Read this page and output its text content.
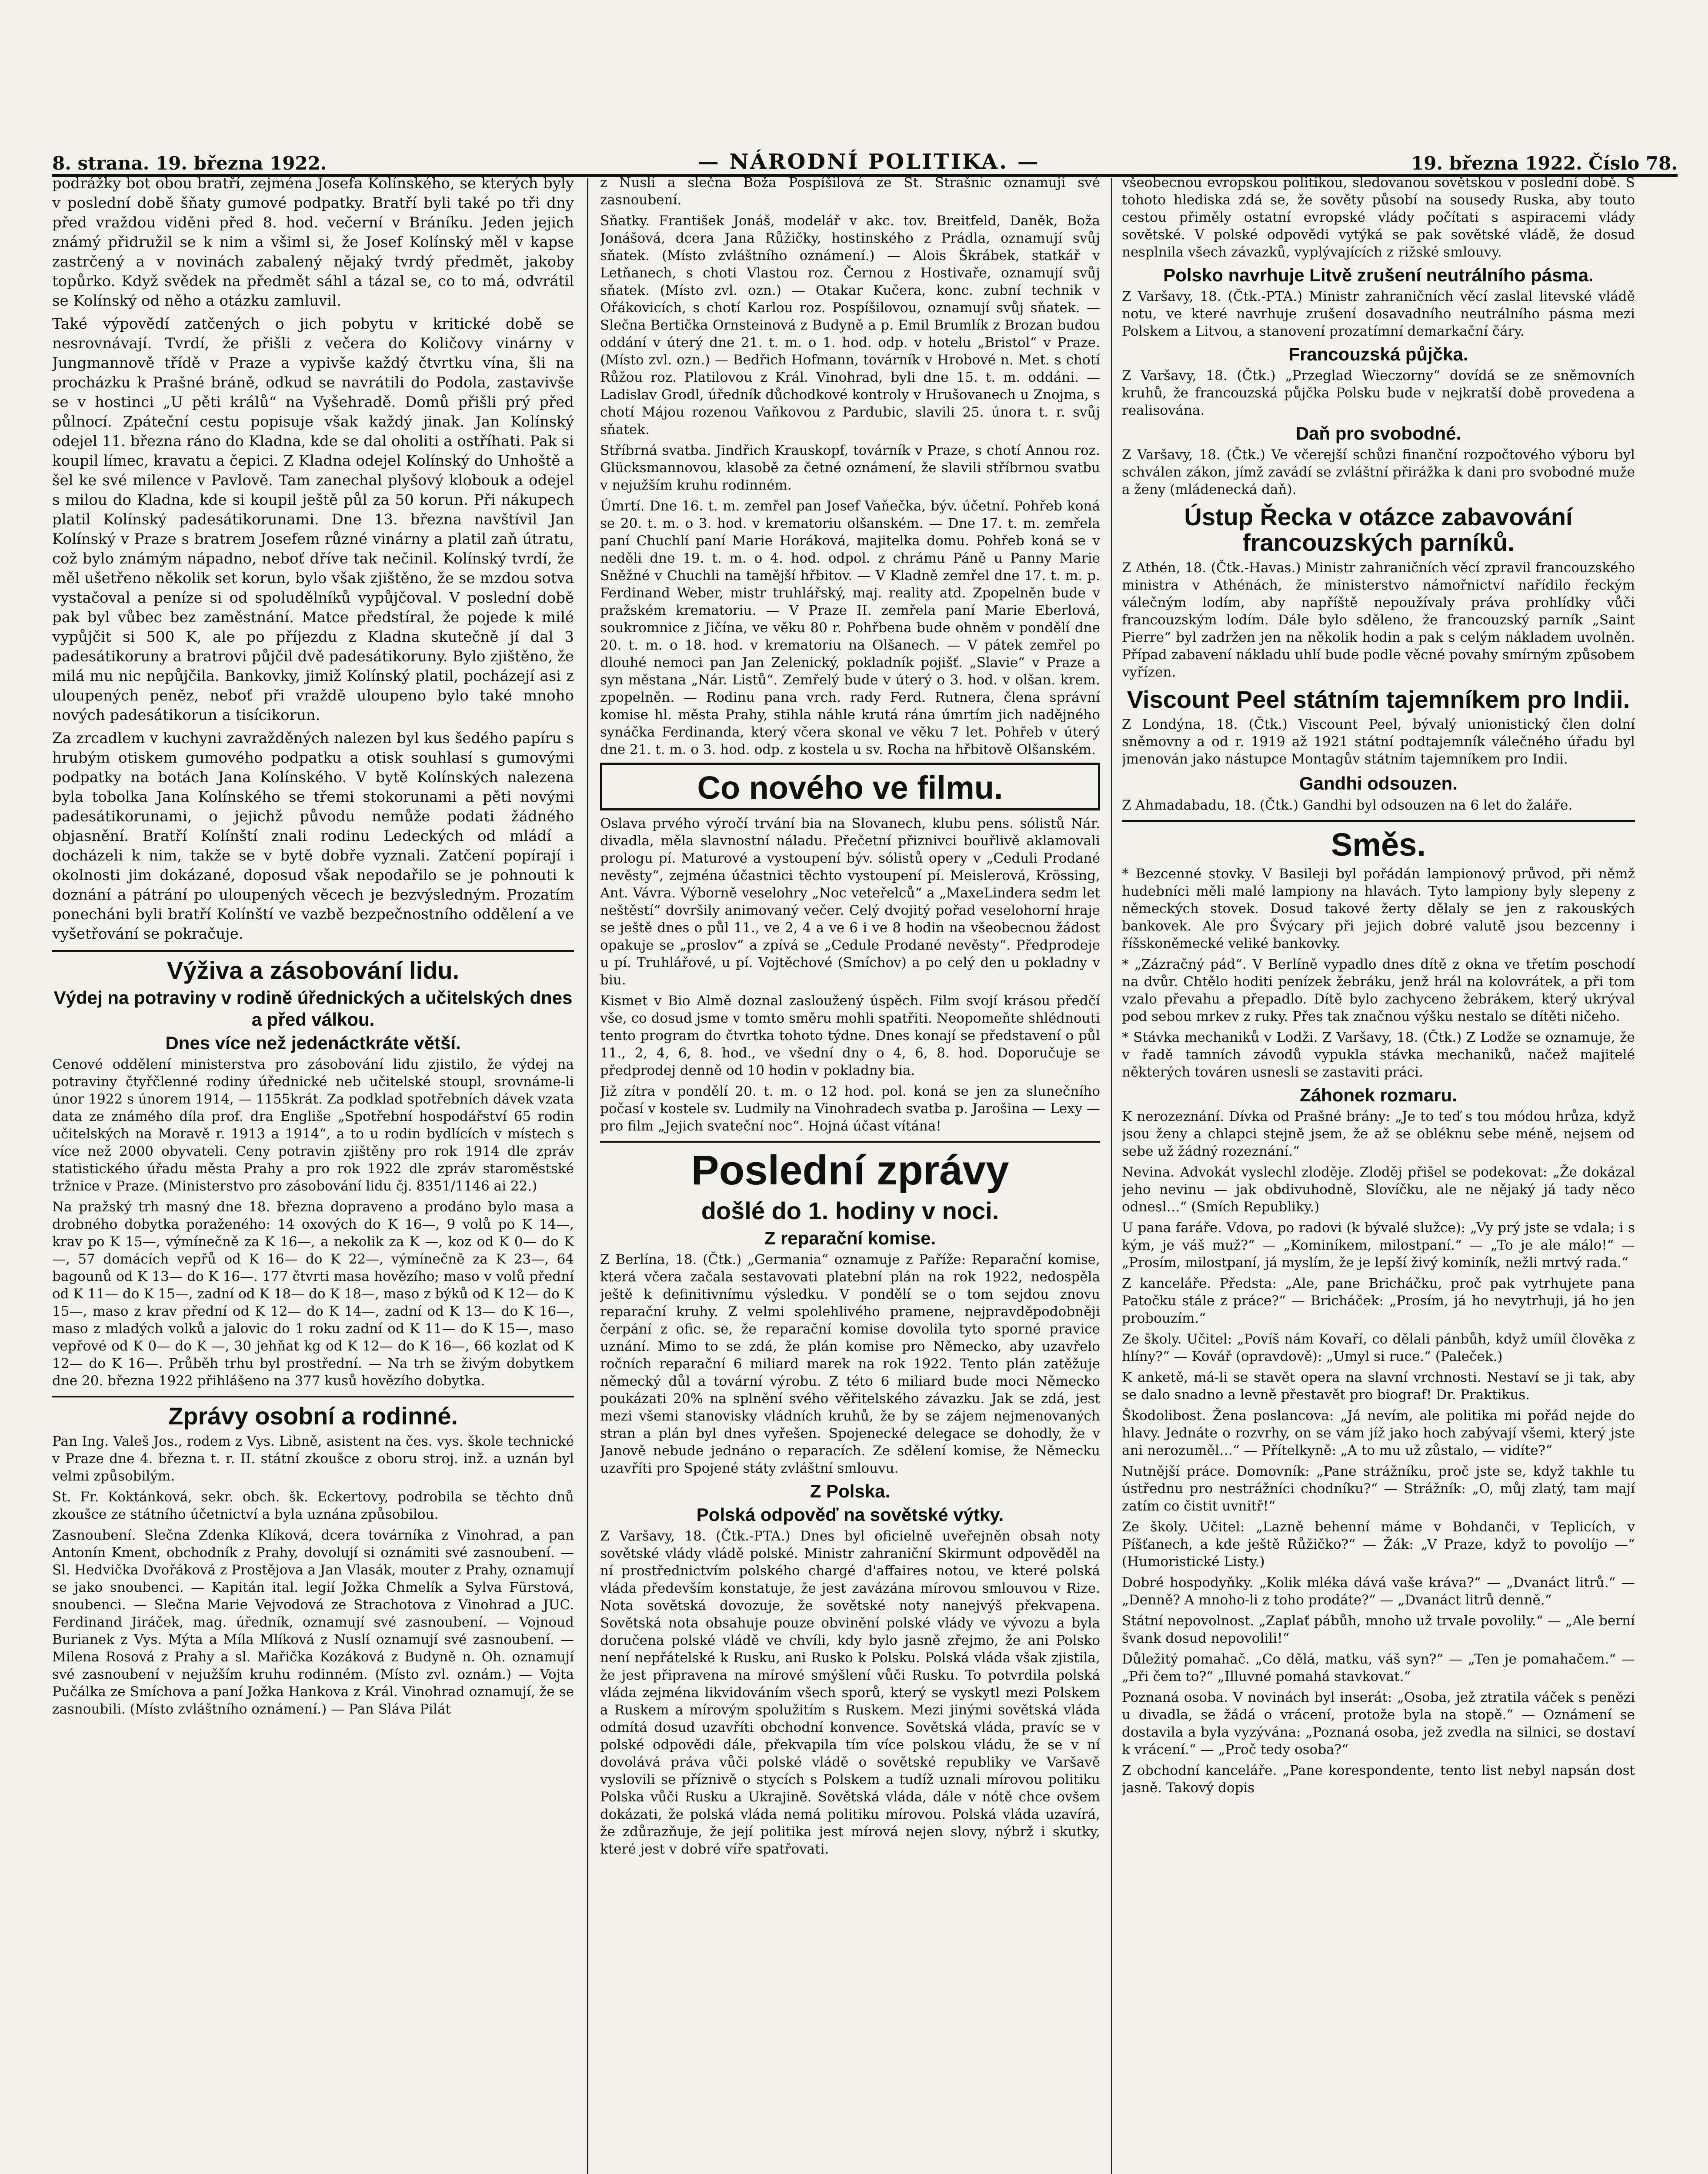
8. strana. 19. března 1922.	— NÁRODNÍ POLITIKA. —	19. března 1922. Číslo 78.

podrážky bot obou bratří, zejména Josefa Kolínského, se kterých byly v poslední době šňaty gumové podpatky. Bratří byli také po tři dny před vraždou viděni před 8. hod. večerní v Bráníku. Jeden jejich známý přidružil se k nim a všiml si, že Josef Kolínský měl v kapse zastrčený a v novinách zabalený nějaký tvrdý předmět, jakoby topůrko. Když svědek na předmět sáhl a tázal se, co to má, odvrátil se Kolínský od něho a otázku zamluvil.

Také výpovědí zatčených o jich pobytu v kritické době se nesrovnávají. Tvrdí, že přišli z večera do Količovy vinárny v Jungmannově třídě v Praze a vypivše každý čtvrtku vína, šli na procházku k Prašné bráně, odkud se navrátili do Podola, zastavivše se v hostinci „U pěti králů“ na Vyšehradě. Domů přišli prý před půlnocí. Zpáteční cestu popisuje však každý jinak. Jan Kolínský odejel 11. března ráno do Kladna, kde se dal oholiti a ostříhati. Pak si koupil límec, kravatu a čepici. Z Kladna odejel Kolínský do Unhoště a šel ke své milence v Pavlově. Tam zanechal plyšový klobouk a odejel s milou do Kladna, kde si koupil ještě půl za 50 korun. Při nákupech platil Kolínský padesátikorunami. Dne 13. března navštívil Jan Kolínský v Praze s bratrem Josefem různé vinárny a platil zaň útratu, což bylo známým nápadno, neboť dříve tak nečinil. Kolínský tvrdí, že měl ušetřeno několik set korun, bylo však zjištěno, že se mzdou sotva vystačoval a peníze si od spoludělníků vypůjčoval. V poslední době pak byl vůbec bez zaměstnání. Matce předstíral, že pojede k milé vypůjčit si 500 K, ale po příjezdu z Kladna skutečně jí dal 3 padesátikoruny a bratrovi půjčil dvě padesátikoruny. Bylo zjištěno, že milá mu nic nepůjčila. Bankovky, jimiž Kolínský platil, pocházejí asi z uloupených peněz, neboť při vraždě uloupeno bylo také mnoho nových padesátikorun a tisícikorun.

Za zrcadlem v kuchyni zavražděných nalezen byl kus šedého papíru s hrubým otiskem gumového podpatku a otisk souhlasí s gumovými podpatky na botách Jana Kolínského. V bytě Kolínských nalezena byla tobolka Jana Kolínského se třemi stokorunami a pěti novými padesátikorunami, o jejichž původu nemůže podati žádného objasnění. Bratří Kolínští znali rodinu Ledeckých od mládí a docházeli k nim, takže se v bytě dobře vyznali. Zatčení popírají i okolnosti jim dokázané, doposud však nepodařilo se je pohnouti k doznání a pátrání po uloupených věcech je bezvýsledným. Prozatím ponecháni byli bratří Kolínští ve vazbě bezpečnostního oddělení a ve vyšetřování se pokračuje.

Výživa a zásobování lidu.
Výdej na potraviny v rodině úřednických a učitelských dnes a před válkou.
Dnes více než jedenáctkráte větší.

Cenové oddělení ministerstva pro zásobování lidu zjistilo, že výdej na potraviny čtyřčlenné rodiny úřednické neb učitelské stoupl, srovnáme-li únor 1922 s únorem 1914, — 1155krát. Za podklad spotřebních dávek vzata data ze známého díla prof. dra Engliše „Spotřební hospodářství 65 rodin učitelských na Moravě r. 1913 a 1914“, a to u rodin bydlících v místech s více než 2000 obyvateli. Ceny potravin zjištěny pro rok 1914 dle zpráv statistického úřadu města Prahy a pro rok 1922 dle zpráv staroměstské tržnice v Praze. (Ministerstvo pro zásobování lidu čj. 8351/1146 ai 22.)

Na pražský trh masný dne 18. března dopraveno a prodáno bylo masa a drobného dobytka poraženého: 14 oxových do K 16—, 9 volů po K 14—, krav po K 15—, výmínečně za K 16—, a nekolik za K —, koz od K 0— do K —, 57 domácích vepřů od K 16— do K 22—, výmínečně za K 23—, 64 bagounů od K 13— do K 16—. 177 čtvrti masa hovězího; maso v volů přední od K 11— do K 15—, zadní od K 18— do K 18—, maso z býků od K 12— do K 15—, maso z krav přední od K 12— do K 14—, zadní od K 13— do K 16—, maso z mladých volků a jalovic do 1 roku zadní od K 11— do K 15—, maso vepřové od K 0— do K —, 30 jehňat kg od K 12— do K 16—, 66 kozlat od K 12— do K 16—. Průběh trhu byl prostřední. — Na trh se živým dobytkem dne 20. března 1922 přihlášeno na 377 kusů hovězího dobytka.

Zprávy osobní a rodinné.

Pan Ing. Valeš Jos., rodem z Vys. Libně, asistent na čes. vys. škole technické v Praze dne 4. března t. r. II. státní zkoušce z oboru stroj. inž. a uznán byl velmi způsobilým.

St. Fr. Koktánková, sekr. obch. šk. Eckertovy, podrobila se těchto dnů zkoušce ze státního účetnictví a byla uznána způsobilou.

Zasnoubení. Slečna Zdenka Klíková, dcera továrníka z Vinohrad, a pan Antonín Kment, obchodník z Prahy, dovolují si oznámiti své zasnoubení. — Sl. Hedvička Dvořáková z Prostějova a Jan Vlasák, mouter z Prahy, oznamují se jako snoubenci. — Kapitán ital. legií Jožka Chmelík a Sylva Fürstová, snoubenci. — Slečna Marie Vejvodová ze Strachotova z Vinohrad a JUC. Ferdinand Jiráček, mag. úředník, oznamují své zasnoubení. — Vojnoud Burianek z Vys. Mýta a Míla Mlíková z Nuslí oznamují své zasnoubení. — Milena Rosová z Prahy a sl. Mařička Kozáková z Budyně n. Oh. oznamují své zasnoubení v nejužším kruhu rodinném. (Místo zvl. oznám.) — Vojta Pučálka ze Smíchova a paní Jožka Hankova z Král. Vinohrad oznamují, že se zasnoubili. (Místo zvláštního oznámení.) — Pan Sláva Pilát

z Nuslí a slečna Boža Pospíšilová ze St. Strašnic oznamují své zasnoubení.

Sňatky. František Jonáš, modelář v akc. tov. Breitfeld, Daněk, Boža Jonášová, dcera Jana Růžičky, hostinského z Prádla, oznamují svůj sňatek. (Místo zvláštního oznámení.) — Alois Škrábek, statkář v Letňanech, s choti Vlastou roz. Černou z Hostivaře, oznamují svůj sňatek. (Místo zvl. ozn.) — Otakar Kučera, konc. zubní technik v Ořákovicích, s chotí Karlou roz. Pospíšilovou, oznamují svůj sňatek. — Slečna Bertička Ornsteinová z Budyně a p. Emil Brumlík z Brozan budou oddání v úterý dne 21. t. m. o 1. hod. odp. v hotelu „Bristol“ v Praze. (Místo zvl. ozn.) — Bedřich Hofmann, továrník v Hrobové n. Met. s chotí Růžou roz. Platilovou z Král. Vinohrad, byli dne 15. t. m. oddáni. — Ladislav Grodl, úředník důchodkové kontroly v Hrušovanech u Znojma, s chotí Májou rozenou Vaňkovou z Pardubic, slavili 25. února t. r. svůj sňatek.

Stříbrná svatba. Jindřich Krauskopf, továrník v Praze, s chotí Annou roz. Glücksmannovou, klasobě za četné oznámení, že slavili stříbrnou svatbu v nejužším kruhu rodinném.

Úmrtí. Dne 16. t. m. zemřel pan Josef Vaňečka, býv. účetní. Pohřeb koná se 20. t. m. o 3. hod. v krematoriu olšanském. — Dne 17. t. m. zemřela paní Chuchlí paní Marie Horáková, majitelka domu. Pohřeb koná se v neděli dne 19. t. m. o 4. hod. odpol. z chrámu Páně u Panny Marie Sněžné v Chuchli na tamější hřbitov. — V Kladně zemřel dne 17. t. m. p. Ferdinand Weber, mistr truhlářský, maj. reality atd. Zpopelněn bude v pražském krematoriu. — V Praze II. zemřela paní Marie Eberlová, soukromnice z Jičína, ve věku 80 r. Pohřbena bude ohněm v pondělí dne 20. t. m. o 18. hod. v krematoriu na Olšanech. — V pátek zemřel po dlouhé nemoci pan Jan Zelenický, pokladník pojišť. „Slavie“ v Praze a syn městana „Nár. Listů“. Zemřelý bude v úterý o 3. hod. v olšan. krem. zpopelněn. — Rodinu pana vrch. rady Ferd. Rutnera, člena správní komise hl. města Prahy, stihla náhle krutá rána úmrtím jich nadějného synáčka Ferdinanda, který včera skonal ve věku 7 let. Pohřeb v úterý dne 21. t. m. o 3. hod. odp. z kostela u sv. Rocha na hřbitově Olšanském.

Co nového ve filmu.

Oslava prvého výročí trvání bia na Slovanech, klubu pens. sólistů Nár. divadla, měla slavnostní náladu. Přečetní přiznivci bouřlivě aklamovali prologu pí. Maturové a vystoupení býv. sólistů opery v „Ceduli Prodané nevěsty“, zejména účastnici těchto vystoupení pí. Meislerová, Krössing, Ant. Vávra. Výborně veselohry „Noc veteřelců“ a „MaxeLindera sedm let neštěstí“ dovršily animovaný večer. Celý dvojitý pořad veselohorní hraje se ještě dnes o půl 11., ve 2, 4 a ve 6 i ve 8 hodin na všeobecnou žádost opakuje se „proslov“ a zpívá se „Cedule Prodané nevěsty“. Předprodeje u pí. Truhlářové, u pí. Vojtěchové (Smíchov) a po celý den u pokladny v biu.

Kismet v Bio Almě doznal zasloužený úspěch. Film svojí krásou předčí vše, co dosud jsme v tomto směru mohli spatřiti. Neopomeňte shlédnouti tento program do čtvrtka tohoto týdne. Dnes konají se představení o půl 11., 2, 4, 6, 8. hod., ve všední dny o 4, 6, 8. hod. Doporučuje se předprodej denně od 10 hodin v pokladny bia.

Již zítra v pondělí 20. t. m. o 12 hod. pol. koná se jen za slunečního počasí v kostele sv. Ludmily na Vinohradech svatba p. Jarošina — Lexy — pro film „Jejich svateční noc“. Hojná účast vítána!

Poslední zprávy
došlé do 1. hodiny v noci.
Z reparační komise.

Z Berlína, 18. (Čtk.) „Germania“ oznamuje z Paříže: Reparační komise, která včera začala sestavovati platební plán na rok 1922, nedospěla ještě k definitivnímu výsledku. V pondělí se o tom sejdou znovu reparační kruhy. Z velmi spolehlivého pramene, nejpravděpodobněji čerpání z ofic. se, že reparační komise dovolila tyto sporné pravice uznání. Mimo to se zdá, že plán komise pro Německo, aby uzavřelo ročních reparační 6 miliard marek na rok 1922. Tento plán zatěžuje německý důl a tovární výrobu. Z této 6 miliard bude moci Německo poukázati 20% na splnění svého věřitelského závazku. Jak se zdá, jest mezi všemi stanovisky vládních kruhů, že by se zájem nejmenovaných stran a plán byl dnes vyřešen. Spojenecké delegace se dohodly, že v Janově nebude jednáno o reparacích. Ze sdělení komise, že Německu uzavříti pro Spojené státy zvláštní smlouvu.

Z Polska.
Polská odpověď na sovětské výtky.

Z Varšavy, 18. (Čtk.-PTA.) Dnes byl oficielně uveřejněn obsah noty sovětské vlády vládě polské. Ministr zahraniční Skirmunt odpověděl na ní prostřednictvím polského chargé d'affaires notou, ve které polská vláda především konstatuje, že jest zavázána mírovou smlouvou v Rize. Nota sovětská dovozuje, že sovětské noty nanejvýš překvapena. Sovětská nota obsahuje pouze obvinění polské vlády ve vývozu a byla doručena polské vládě ve chvíli, kdy bylo jasně zřejmo, že ani Polsko není nepřátelské k Rusku, ani Rusko k Polsku. Polská vláda však zjistila, že jest připravena na mírové smýšlení vůči Rusku. To potvrdila polská vláda zejména likvidováním všech sporů, který se vyskytl mezi Polskem a Ruskem a mírovým spolužitím s Ruskem. Mezi jinými sovětská vláda odmítá dosud uzavříti obchodní konvence. Sovětská vláda, pravíc se v polské odpovědi dále, překvapila tím více polskou vládu, že se v ní dovolává práva vůči polské vládě o sovětské republiky ve Varšavě vyslovili se příznivě o stycích s Polskem a tudíž uznali mírovou politiku Polska vůči Rusku a Ukrajině. Sovětská vláda, dále v nótě chce ovšem dokázati, že polská vláda nemá politiku mírovou. Polská vláda uzavírá, že zdůrazňuje, že její politika jest mírová nejen slovy, nýbrž i skutky, které jest v dobré víře spatřovati.

všeobecnou evropskou politikou, sledovanou sovětskou v poslední době. S tohoto hlediska zdá se, že sověty působí na sousedy Ruska, aby touto cestou přiměly ostatní evropské vlády počítati s aspiracemi vlády sovětské. V polské odpovědi vytýká se pak sovětské vládě, že dosud nesplnila všech závazků, vyplývajících z rižské smlouvy.

Polsko navrhuje Litvě zrušení neutrálního pásma.

Z Varšavy, 18. (Čtk.-PTA.) Ministr zahraničních věcí zaslal litevské vládě notu, ve které navrhuje zrušení dosavadního neutrálního pásma mezi Polskem a Litvou, a stanovení prozatímní demarkační čáry.

Francouzská půjčka.

Z Varšavy, 18. (Čtk.) „Przeglad Wieczorny“ dovídá se ze sněmovních kruhů, že francouzská půjčka Polsku bude v nejkratší době provedena a realisována.

Daň pro svobodné.

Z Varšavy, 18. (Čtk.) Ve včerejší schůzi finanční rozpočtového výboru byl schválen zákon, jímž zavádí se zvláštní přirážka k dani pro svobodné muže a ženy (mládenecká daň).

Ústup Řecka v otázce zabavování francouzských parníků.

Z Athén, 18. (Čtk.-Havas.) Ministr zahraničních věcí zpravil francouzského ministra v Athénách, že ministerstvo námořnictví nařídilo řeckým válečným lodím, aby napříště nepoužívaly práva prohlídky vůči francouzským lodím. Dále bylo sděleno, že francouzský parník „Saint Pierre“ byl zadržen jen na několik hodin a pak s celým nákladem uvolněn. Případ zabavení nákladu uhlí bude podle věcné povahy smírným způsobem vyřízen.

Viscount Peel státním tajemníkem pro Indii.

Z Londýna, 18. (Čtk.) Viscount Peel, bývalý unionistický člen dolní sněmovny a od r. 1919 až 1921 státní podtajemník válečného úřadu byl jmenován jako nástupce Montagův státním tajemníkem pro Indii.

Gandhi odsouzen.

Z Ahmadabadu, 18. (Čtk.) Gandhi byl odsouzen na 6 let do žaláře.

Směs.

* Bezcenné stovky. V Basileji byl pořádán lampionový průvod, při němž hudebníci měli malé lampiony na hlavách. Tyto lampiony byly slepeny z německých stovek. Dosud takové žerty dělaly se jen z rakouských bankovek. Ale pro Švýcary při jejich dobré valutě jsou bezcenny i říšskoněmecké veliké bankovky.

* „Zázračný pád“. V Berlíně vypadlo dnes dítě z okna ve třetím poschodí na dvůr. Chtělo hoditi penízek žebráku, jenž hrál na kolovrátek, a při tom vzalo převahu a přepadlo. Dítě bylo zachyceno žebrákem, který ukrýval pod sebou mrkev z ruky. Přes tak značnou výšku nestalo se dítěti ničeho.

* Stávka mechaniků v Lodži. Z Varšavy, 18. (Čtk.) Z Lodže se oznamuje, že v řadě tamních závodů vypukla stávka mechaniků, načež majitelé některých továren usnesli se zastaviti práci.

Záhonek rozmaru.

K nerozeznání. Dívka od Prašné brány: „Je to teď s tou módou hrůza, když jsou ženy a chlapci stejně jsem, že až se obléknu sebe méně, nejsem od sebe už žádný rozeznání.“

Nevina. Advokát vyslechl zloděje. Zloděj přišel se podekovat: „Že dokázal jeho nevinu — jak obdivuhodně, Slovíčku, ale ne nějaký já tady něco odnesl…“ (Smích Republiky.)

U pana faráře. Vdova, po radovi (k bývalé služce): „Vy prý jste se vdala; i s kým, je váš muž?“ — „Kominíkem, milostpaní.“ — „To je ale málo!“ — „Prosím, milostpaní, já myslím, že je lepší živý kominík, nežli mrtvý rada.“

Z kanceláře. Předsta: „Ale, pane Bricháčku, proč pak vytrhujete pana Patočku stále z práce?“ — Bricháček: „Prosím, já ho nevytrhuji, já ho jen probouzím.“

Ze školy. Učitel: „Povíš nám Kovaří, co dělali pánbůh, když umíil člověka z hlíny?“ — Kovář (opravdově): „Umyl si ruce.“ (Paleček.)

K anketě, má-li se stavět opera na slavní vrchnosti. Nestaví se ji tak, aby se dalo snadno a levně přestavět pro biograf! Dr. Praktikus.

Škodolibost. Žena poslancova: „Já nevím, ale politika mi pořád nejde do hlavy. Jednáte o rozvrhy, on se vám jíž jako hoch zabývají všemi, který jste ani nerozuměl…“ — Přítelkyně: „A to mu už zůstalo, — vidíte?“

Nutnější práce. Domovník: „Pane strážníku, proč jste se, když takhle tu ústřednu pro nestrážníci chodníku?“ — Strážník: „O, můj zlatý, tam mají zatím co čistit uvnitř!“

Ze školy. Učitel: „Lazně behenní máme v Bohdanči, v Teplicích, v Píšťanech, a kde ještě Růžičko?“ — Žák: „V Praze, když to povolíjo —“ (Humoristické Listy.)

Dobré hospodyňky. „Kolik mléka dává vaše kráva?“ — „Dvanáct litrů.“ — „Denně? A mnoho-li z toho prodáte?“ — „Dvanáct litrů denně.“

Státní nepovolnost. „Zaplať pábůh, mnoho už trvale povolily.“ — „Ale berní švank dosud nepovolili!“

Důležitý pomahač. „Co dělá, matku, váš syn?“ — „Ten je pomahačem.“ — „Při čem to?“ „Illuvné pomahá stavkovat.“

Poznaná osoba. V novinách byl inserát: „Osoba, jež ztratila váček s penězi u divadla, se žádá o vrácení, protože byla na stopě.“ — Oznámení se dostavila a byla vyzývána: „Poznaná osoba, jež zvedla na silnici, se dostaví k vrácení.“ — „Proč tedy osoba?“

Z obchodní kanceláře. „Pane korespondente, tento list nebyl napsán dost jasně. Takový dopis
